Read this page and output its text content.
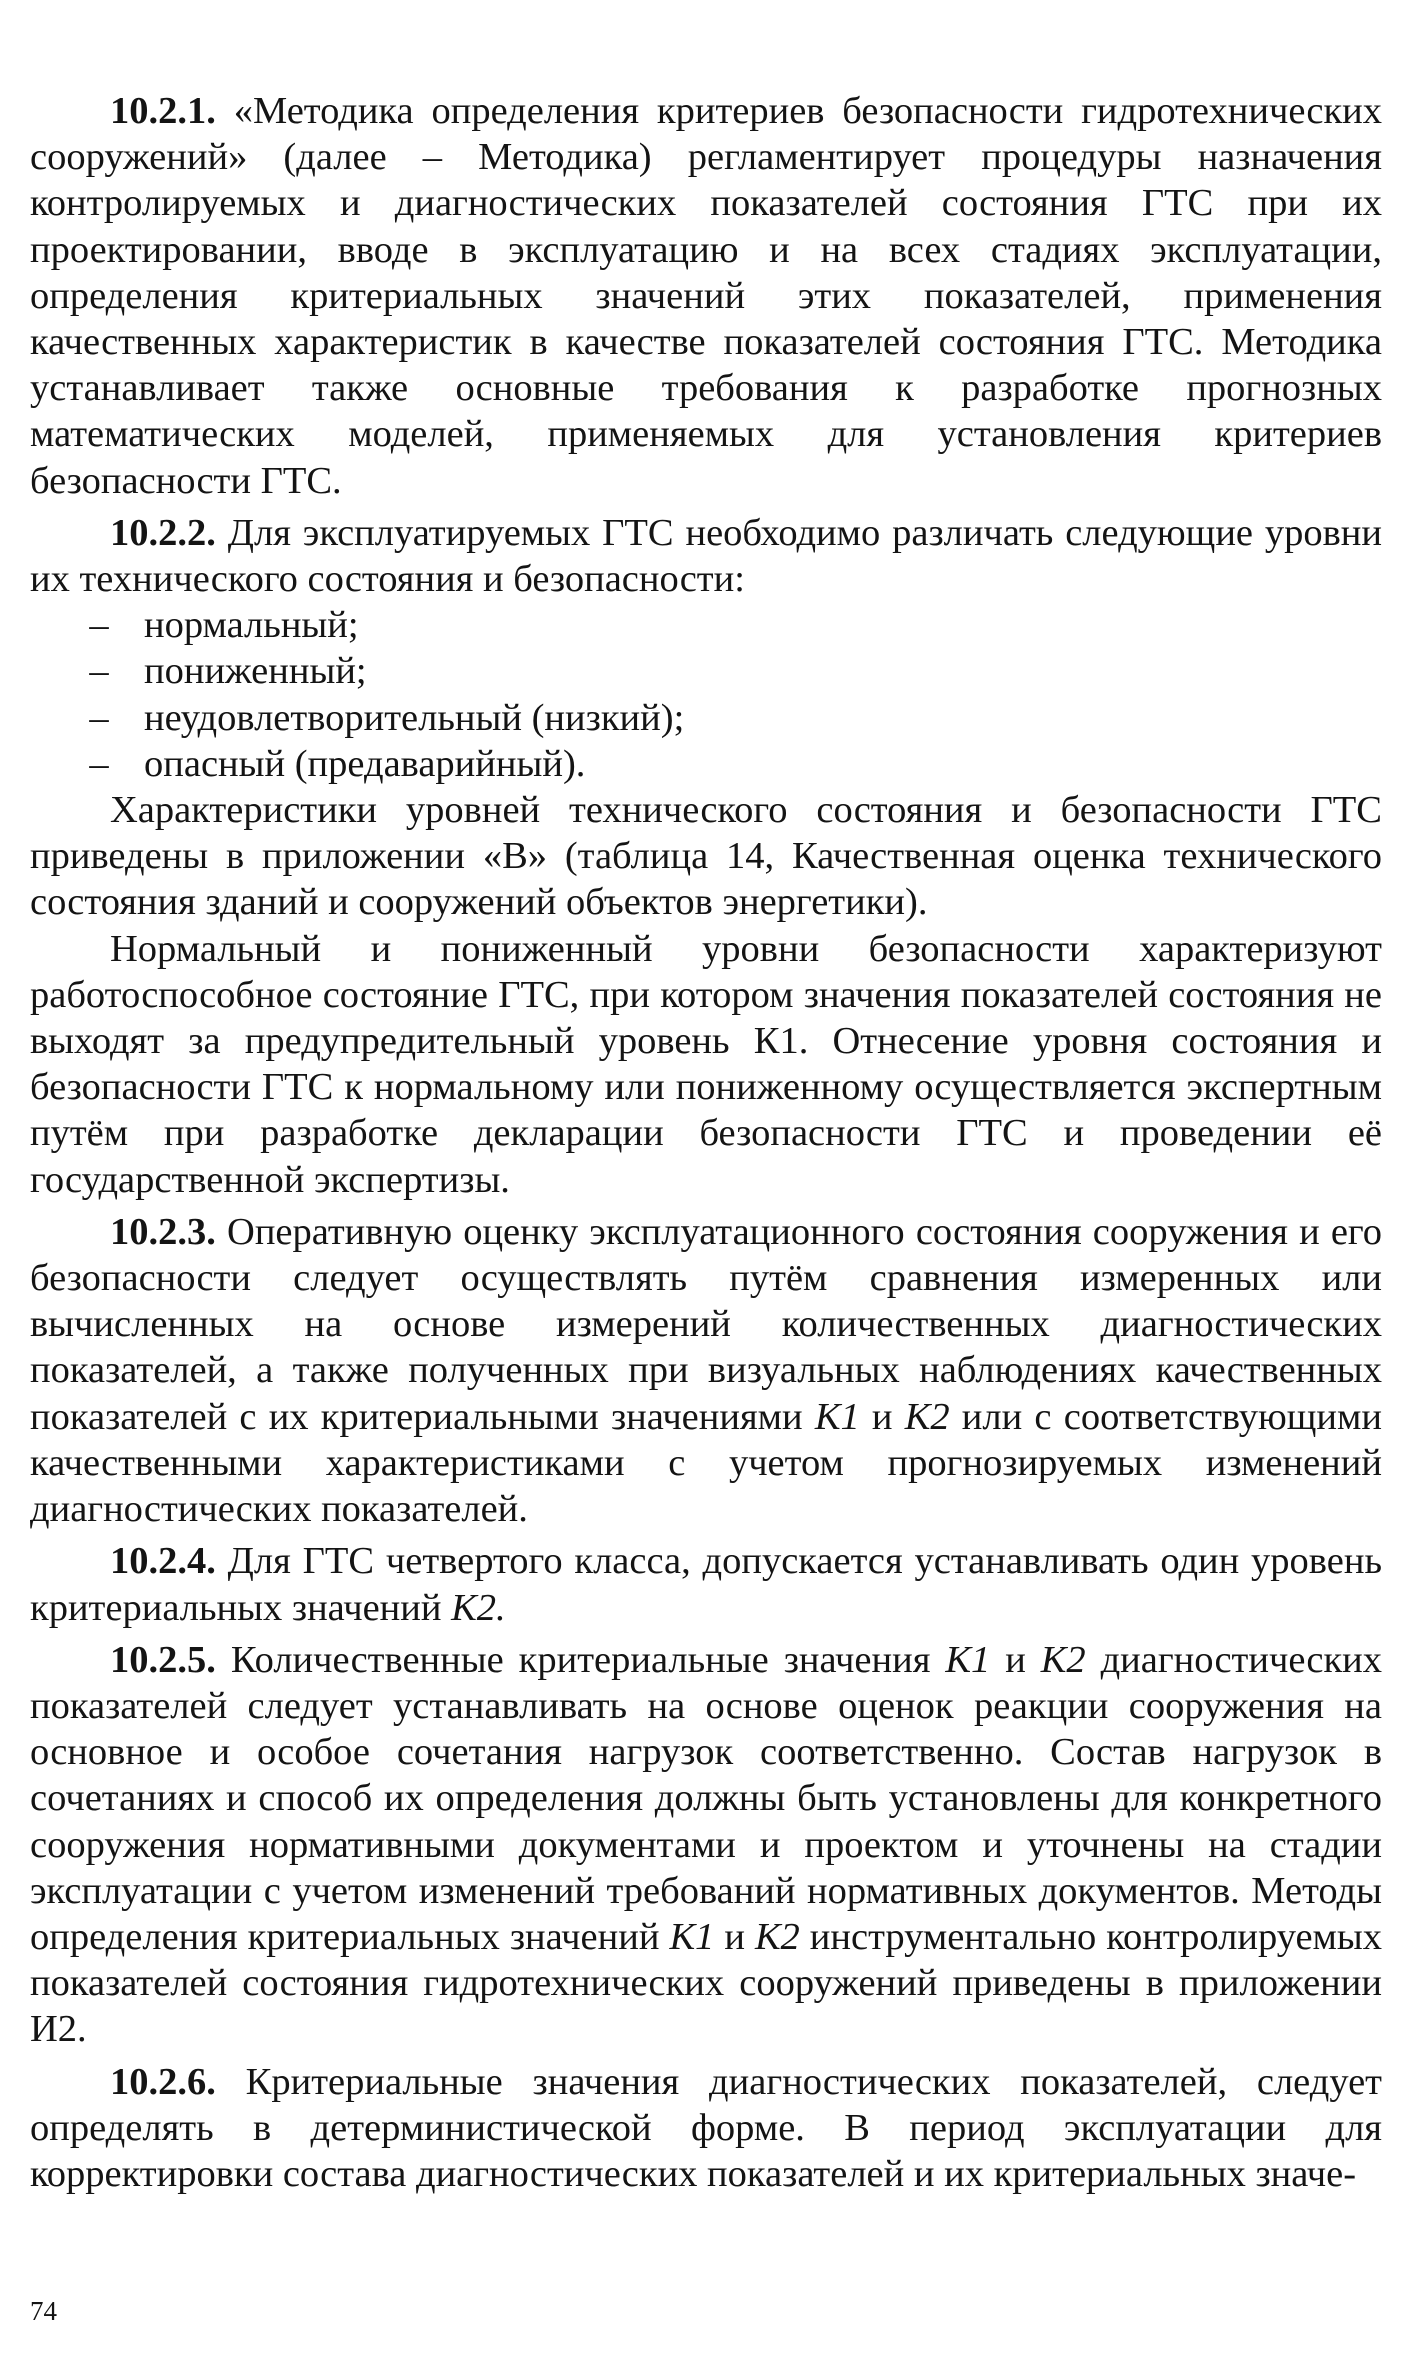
10.2.1. «Методика определения критериев безопасности гидротехнических сооружений» (далее – Методика) регламентирует процедуры назначения контролируемых и диагностических показателей состояния ГТС при их проектировании, вводе в эксплуатацию и на всех стадиях эксплуатации, определения критериальных значений этих показателей, применения качественных характеристик в качестве показателей состояния ГТС. Методика устанавливает также основные требования к разработке прогнозных математических моделей, применяемых для установления критериев безопасности ГТС.

10.2.2. Для эксплуатируемых ГТС необходимо различать следующие уровни их технического состояния и безопасности:

– нормальный;
– пониженный;
– неудовлетворительный (низкий);
– опасный (предаварийный).

Характеристики уровней технического состояния и безопасности ГТС приведены в приложении «В» (таблица 14, Качественная оценка технического состояния зданий и сооружений объектов энергетики).

Нормальный и пониженный уровни безопасности характеризуют работоспособное состояние ГТС, при котором значения показателей состояния не выходят за предупредительный уровень К1. Отнесение уровня состояния и безопасности ГТС к нормальному или пониженному осуществляется экспертным путём при разработке декларации безопасности ГТС и проведении её государственной экспертизы.

10.2.3. Оперативную оценку эксплуатационного состояния сооружения и его безопасности следует осуществлять путём сравнения измеренных или вычисленных на основе измерений количественных диагностических показателей, а также полученных при визуальных наблюдениях качественных показателей с их критериальными значениями К1 и К2 или с соответствующими качественными характеристиками с учетом прогнозируемых изменений диагностических показателей.

10.2.4. Для ГТС четвертого класса, допускается устанавливать один уровень критериальных значений К2.

10.2.5. Количественные критериальные значения К1 и К2 диагностических показателей следует устанавливать на основе оценок реакции сооружения на основное и особое сочетания нагрузок соответственно. Состав нагрузок в сочетаниях и способ их определения должны быть установлены для конкретного сооружения нормативными документами и проектом и уточнены на стадии эксплуатации с учетом изменений требований нормативных документов. Методы определения критериальных значений К1 и К2 инструментально контролируемых показателей состояния гидротехнических сооружений приведены в приложении И2.

10.2.6. Критериальные значения диагностических показателей, следует определять в детерминистической форме. В период эксплуатации для корректировки состава диагностических показателей и их критериальных значе-

74
